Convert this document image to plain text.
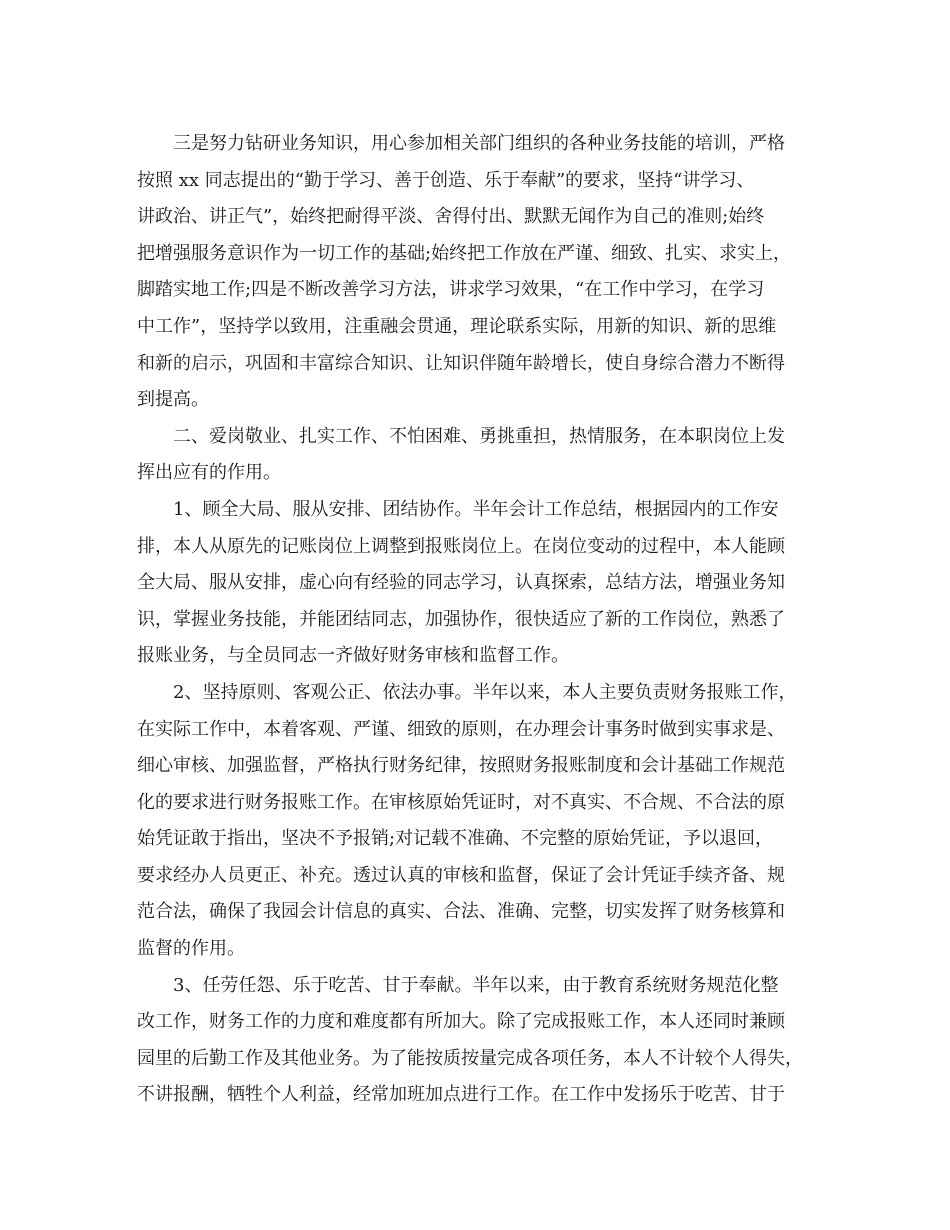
三是努力钻研业务知识，用心参加相关部门组织的各种业务技能的培训，严格
按照 xx 同志提出的“勤于学习、善于创造、乐于奉献”的要求，坚持“讲学习、
讲政治、讲正气”，始终把耐得平淡、舍得付出、默默无闻作为自己的准则;始终
把增强服务意识作为一切工作的基础;始终把工作放在严谨、细致、扎实、求实上，
脚踏实地工作;四是不断改善学习方法，讲求学习效果，“在工作中学习，在学习
中工作”，坚持学以致用，注重融会贯通，理论联系实际，用新的知识、新的思维
和新的启示，巩固和丰富综合知识、让知识伴随年龄增长，使自身综合潜力不断得
到提高。
二、爱岗敬业、扎实工作、不怕困难、勇挑重担，热情服务，在本职岗位上发
挥出应有的作用。
1、顾全大局、服从安排、团结协作。半年会计工作总结，根据园内的工作安
排，本人从原先的记账岗位上调整到报账岗位上。在岗位变动的过程中，本人能顾
全大局、服从安排，虚心向有经验的同志学习，认真探索，总结方法，增强业务知
识，掌握业务技能，并能团结同志，加强协作，很快适应了新的工作岗位，熟悉了
报账业务，与全员同志一齐做好财务审核和监督工作。
2、坚持原则、客观公正、依法办事。半年以来，本人主要负责财务报账工作，
在实际工作中，本着客观、严谨、细致的原则，在办理会计事务时做到实事求是、
细心审核、加强监督，严格执行财务纪律，按照财务报账制度和会计基础工作规范
化的要求进行财务报账工作。在审核原始凭证时，对不真实、不合规、不合法的原
始凭证敢于指出，坚决不予报销;对记载不准确、不完整的原始凭证，予以退回，
要求经办人员更正、补充。透过认真的审核和监督，保证了会计凭证手续齐备、规
范合法，确保了我园会计信息的真实、合法、准确、完整，切实发挥了财务核算和
监督的作用。
3、任劳任怨、乐于吃苦、甘于奉献。半年以来，由于教育系统财务规范化整
改工作，财务工作的力度和难度都有所加大。除了完成报账工作，本人还同时兼顾
园里的后勤工作及其他业务。为了能按质按量完成各项任务，本人不计较个人得失，
不讲报酬，牺牲个人利益，经常加班加点进行工作。在工作中发扬乐于吃苦、甘于
